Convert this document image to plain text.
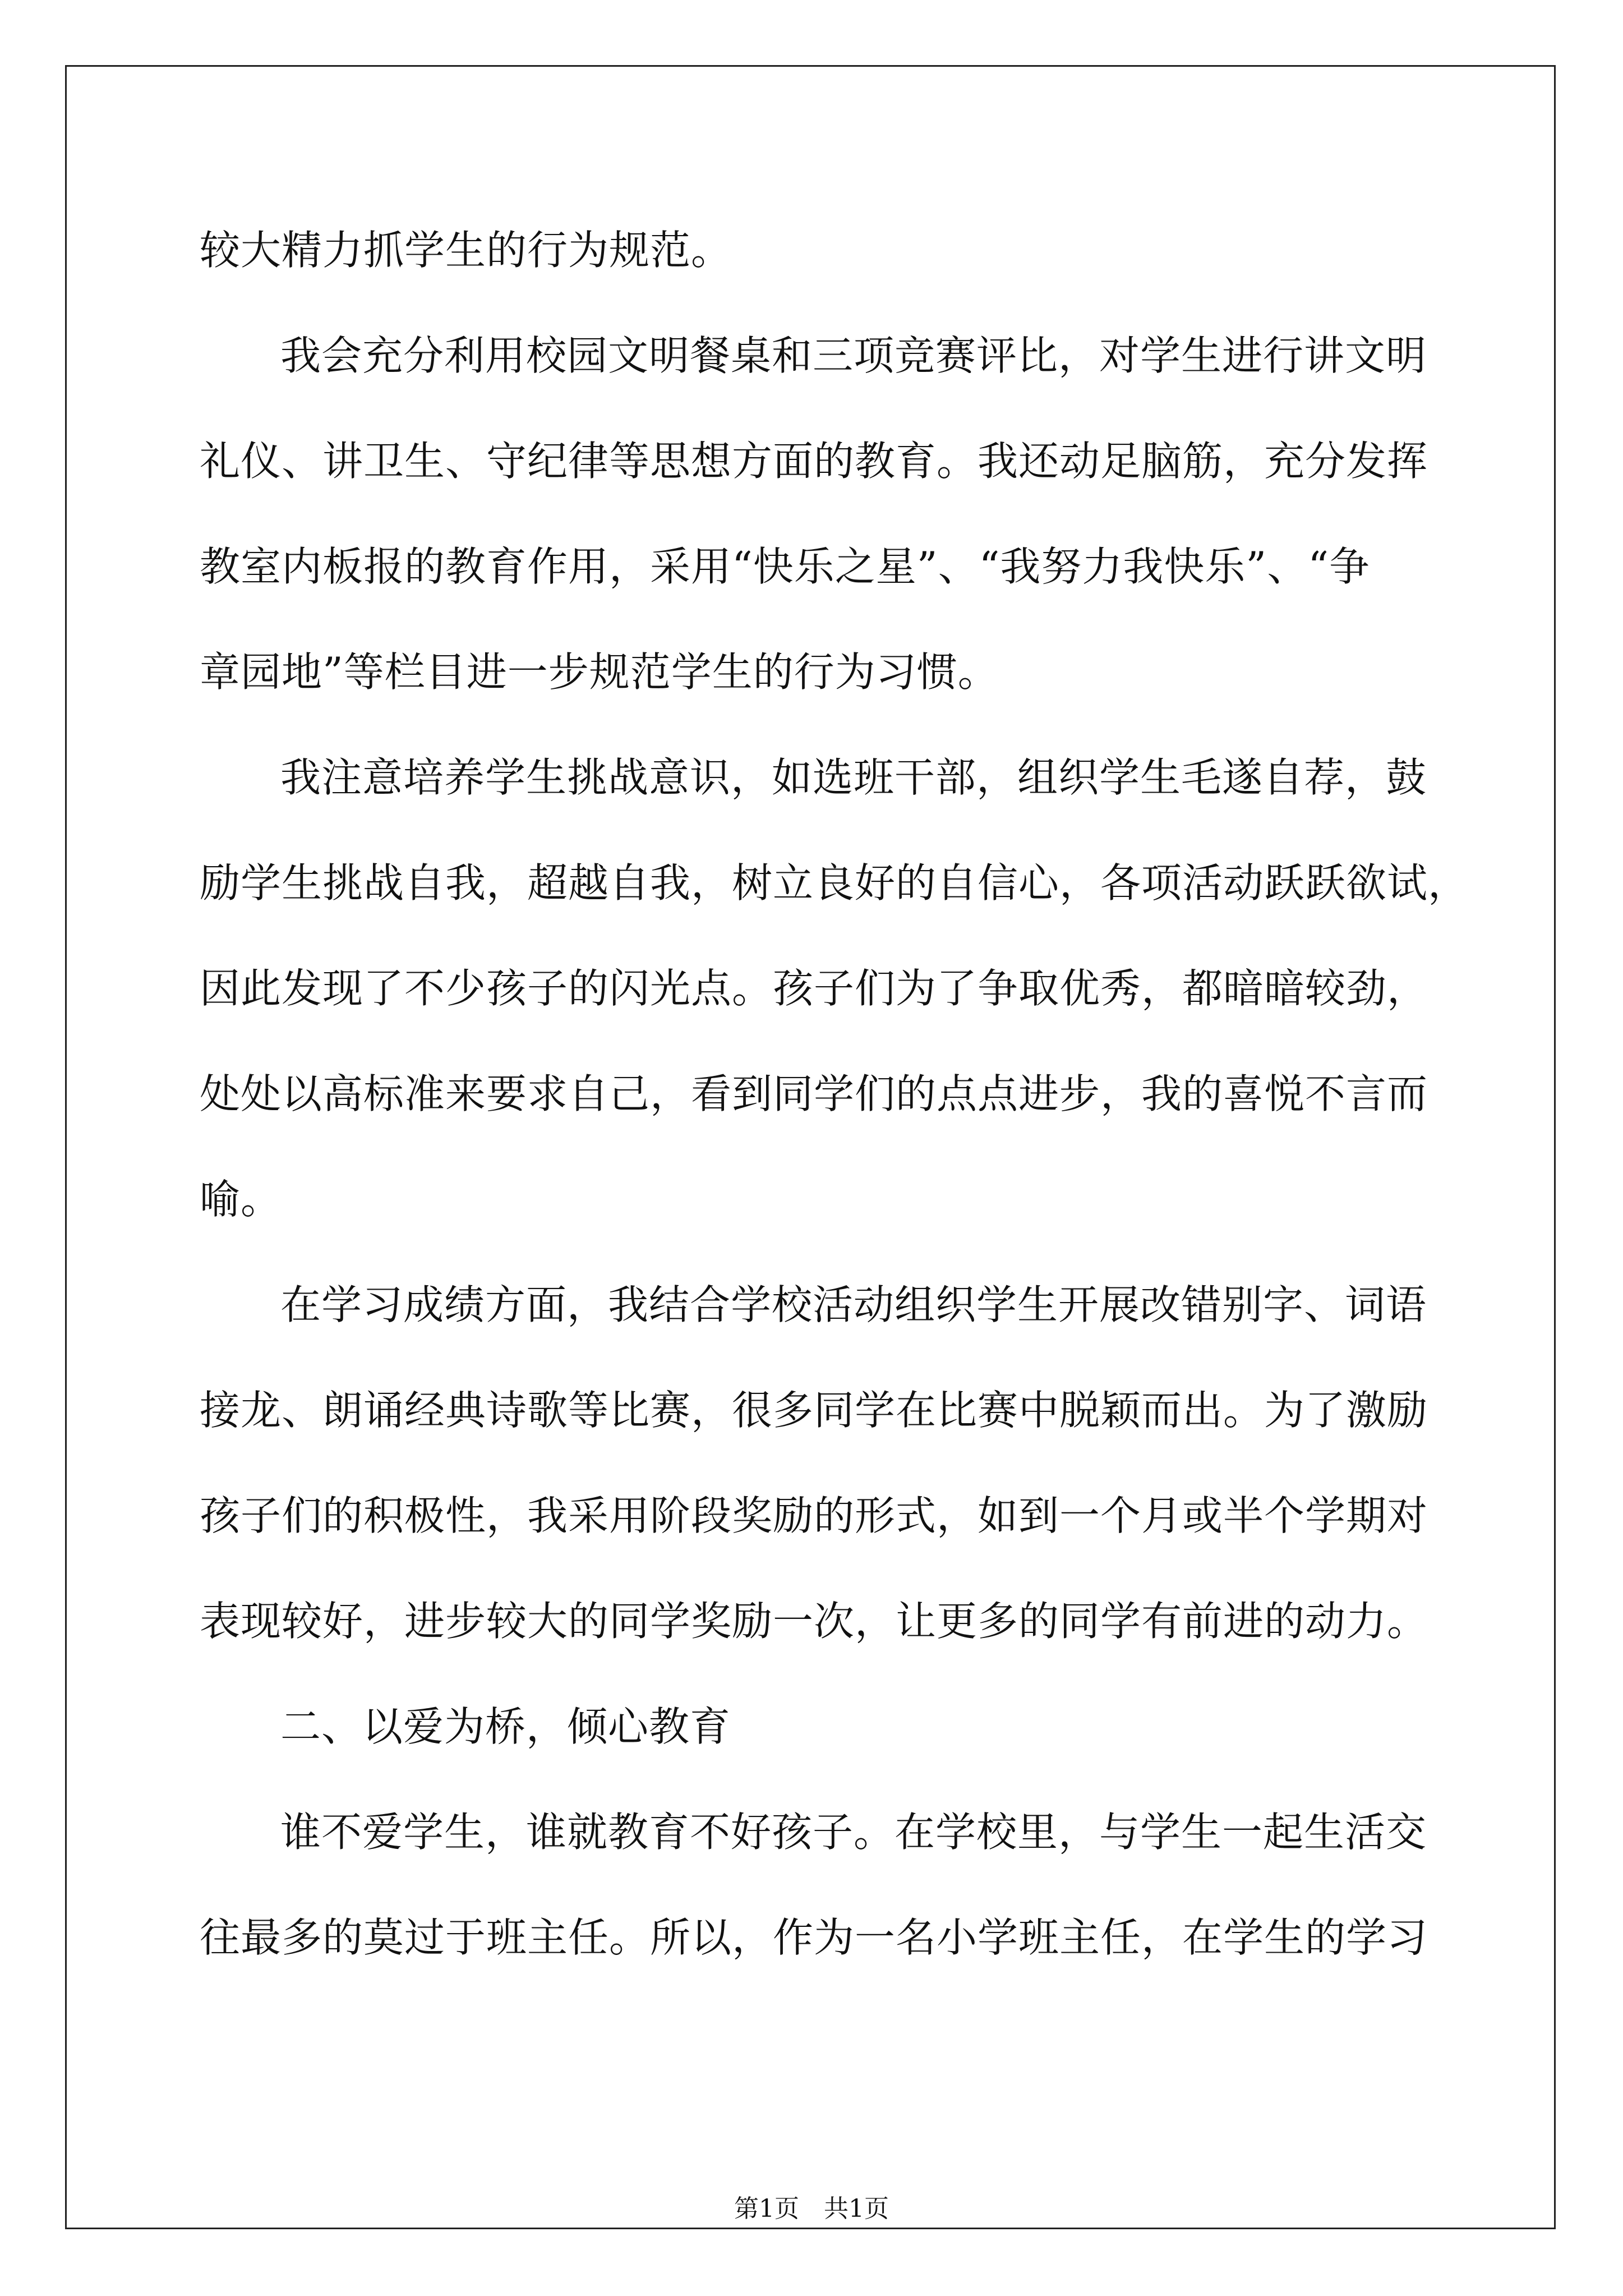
较大精力抓学生的行为规范。
我会充分利用校园文明餐桌和三项竞赛评比，对学生进行讲文明
礼仪、讲卫生、守纪律等思想方面的教育。我还动足脑筋，充分发挥
教室内板报的教育作用，采用“快乐之星”、“我努力我快乐”、“争
章园地”等栏目进一步规范学生的行为习惯。
我注意培养学生挑战意识，如选班干部，组织学生毛遂自荐，鼓
励学生挑战自我，超越自我，树立良好的自信心，各项活动跃跃欲试，
因此发现了不少孩子的闪光点。孩子们为了争取优秀，都暗暗较劲，
处处以高标准来要求自己，看到同学们的点点进步，我的喜悦不言而
喻。
在学习成绩方面，我结合学校活动组织学生开展改错别字、词语
接龙、朗诵经典诗歌等比赛，很多同学在比赛中脱颖而出。为了激励
孩子们的积极性，我采用阶段奖励的形式，如到一个月或半个学期对
表现较好，进步较大的同学奖励一次，让更多的同学有前进的动力。
二、以爱为桥，倾心教育
谁不爱学生，谁就教育不好孩子。在学校里，与学生一起生活交
往最多的莫过于班主任。所以，作为一名小学班主任，在学生的学习
第1页　共1页
